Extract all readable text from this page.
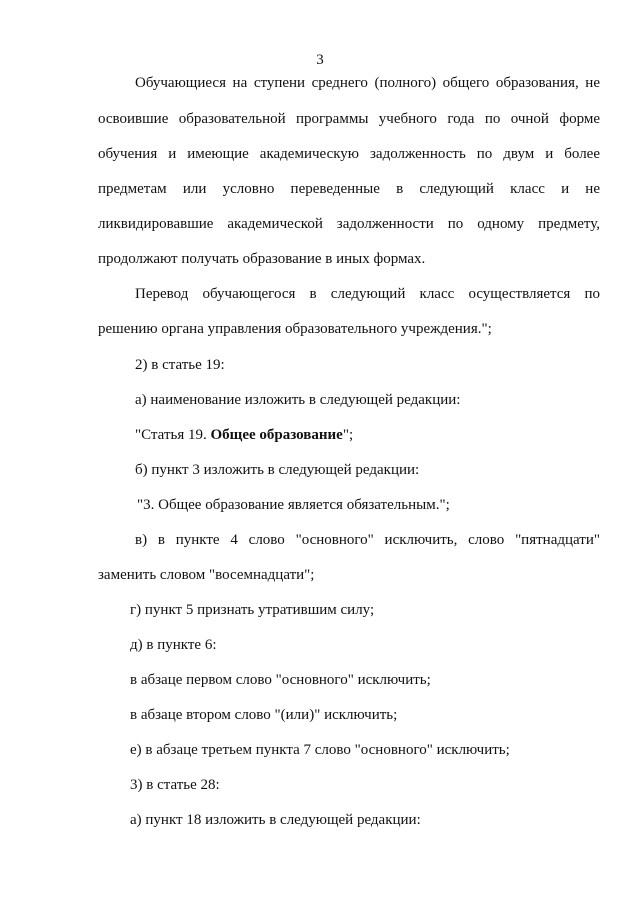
3
Обучающиеся на ступени среднего (полного) общего образования, не
освоившие образовательной программы учебного года по очной форме
обучения и имеющие академическую задолженность по двум и более
предметам или условно переведенные в следующий класс и не
ликвидировавшие академической задолженности по одному предмету,
продолжают получать образование в иных формах.
Перевод обучающегося в следующий класс осуществляется по
решению органа управления образовательного учреждения.";
2) в статье 19:
а) наименование изложить в следующей редакции:
"Статья 19. Общее образование";
б) пункт 3 изложить в следующей редакции:
"3. Общее образование является обязательным.";
в) в пункте 4 слово "основного" исключить, слово "пятнадцати"
заменить словом "восемнадцати";
г) пункт 5 признать утратившим силу;
д) в пункте 6:
в абзаце первом слово "основного" исключить;
в абзаце втором слово "(или)" исключить;
е) в абзаце третьем пункта 7 слово "основного" исключить;
3) в статье 28:
а) пункт 18 изложить в следующей редакции:
